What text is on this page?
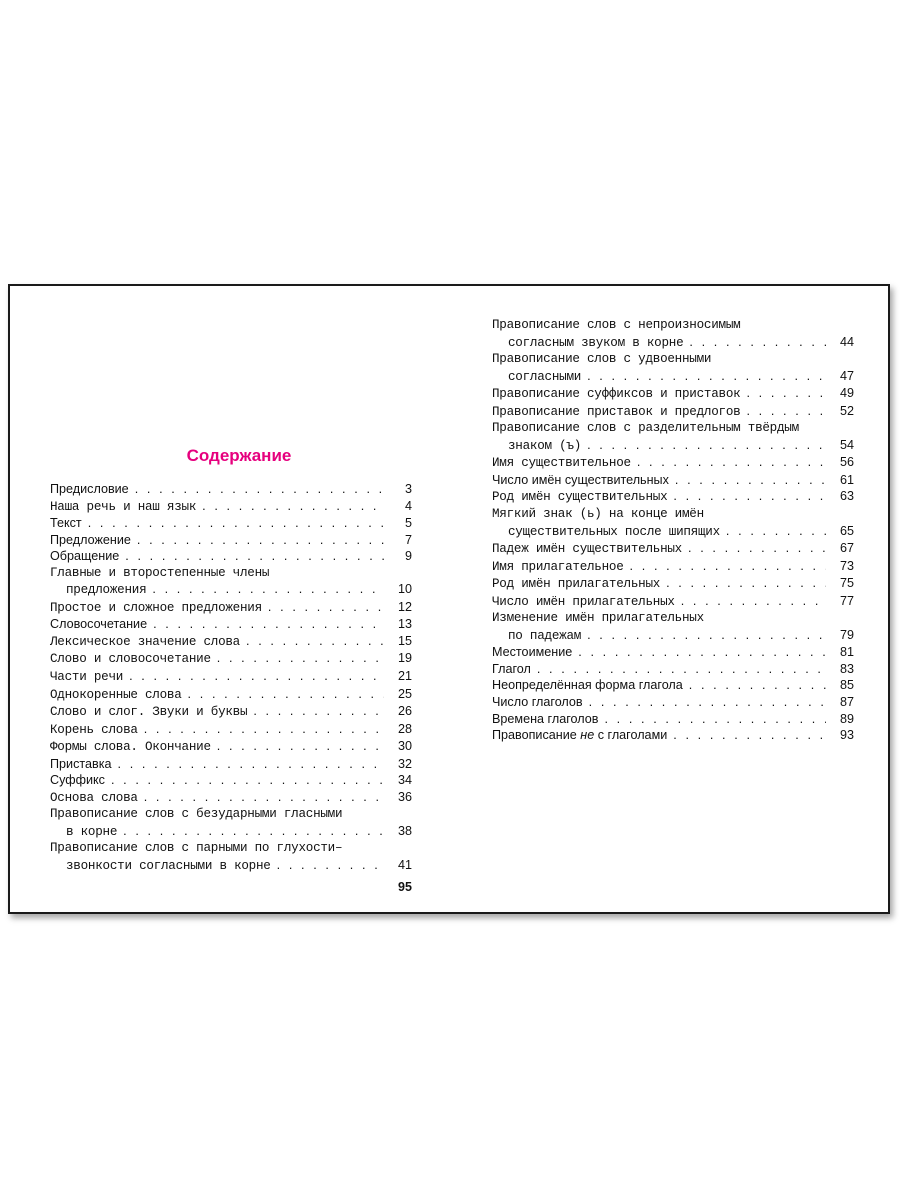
Содержание
Предисловие . . .	3
Наша речь и наш язык . . .	4
Текст . . .	5
Предложение . . .	7
Обращение . . .	9
Главные и второстепенные члены
предложения . . .	10
Простое и сложное предложения . . .	12
Словосочетание . . .	13
Лексическое значение слова . . .	15
Слово и словосочетание . . .	19
Части речи . . .	21
Однокоренные слова . . .	25
Слово и слог. Звуки и буквы . . .	26
Корень слова . . .	28
Формы слова. Окончание . . .	30
Приставка . . .	32
Суффикс . . .	34
Основа слова . . .	36
Правописание слов с безударными гласными
в корне . . .	38
Правописание слов с парными по глухости–
звонкости согласными в корне . . .	41
Правописание слов с непроизносимым
согласным звуком в корне . . .	44
Правописание слов с удвоенными
согласными . . .	47
Правописание суффиксов и приставок . . .	49
Правописание приставок и предлогов . . .	52
Правописание слов с разделительным твёрдым
знаком (ъ) . . .	54
Имя существительное . . .	56
Число имён существительных . . .	61
Род имён существительных . . .	63
Мягкий знак (ь) на конце имён
существительных после шипящих . . .	65
Падеж имён существительных . . .	67
Имя прилагательное . . .	73
Род имён прилагательных . . .	75
Число имён прилагательных . . .	77
Изменение имён прилагательных
по падежам . . .	79
Местоимение . . .	81
Глагол . . .	83
Неопределённая форма глагола . . .	85
Число глаголов . . .	87
Времена глаголов . . .	89
Правописание не с глаголами . . .	93
95
